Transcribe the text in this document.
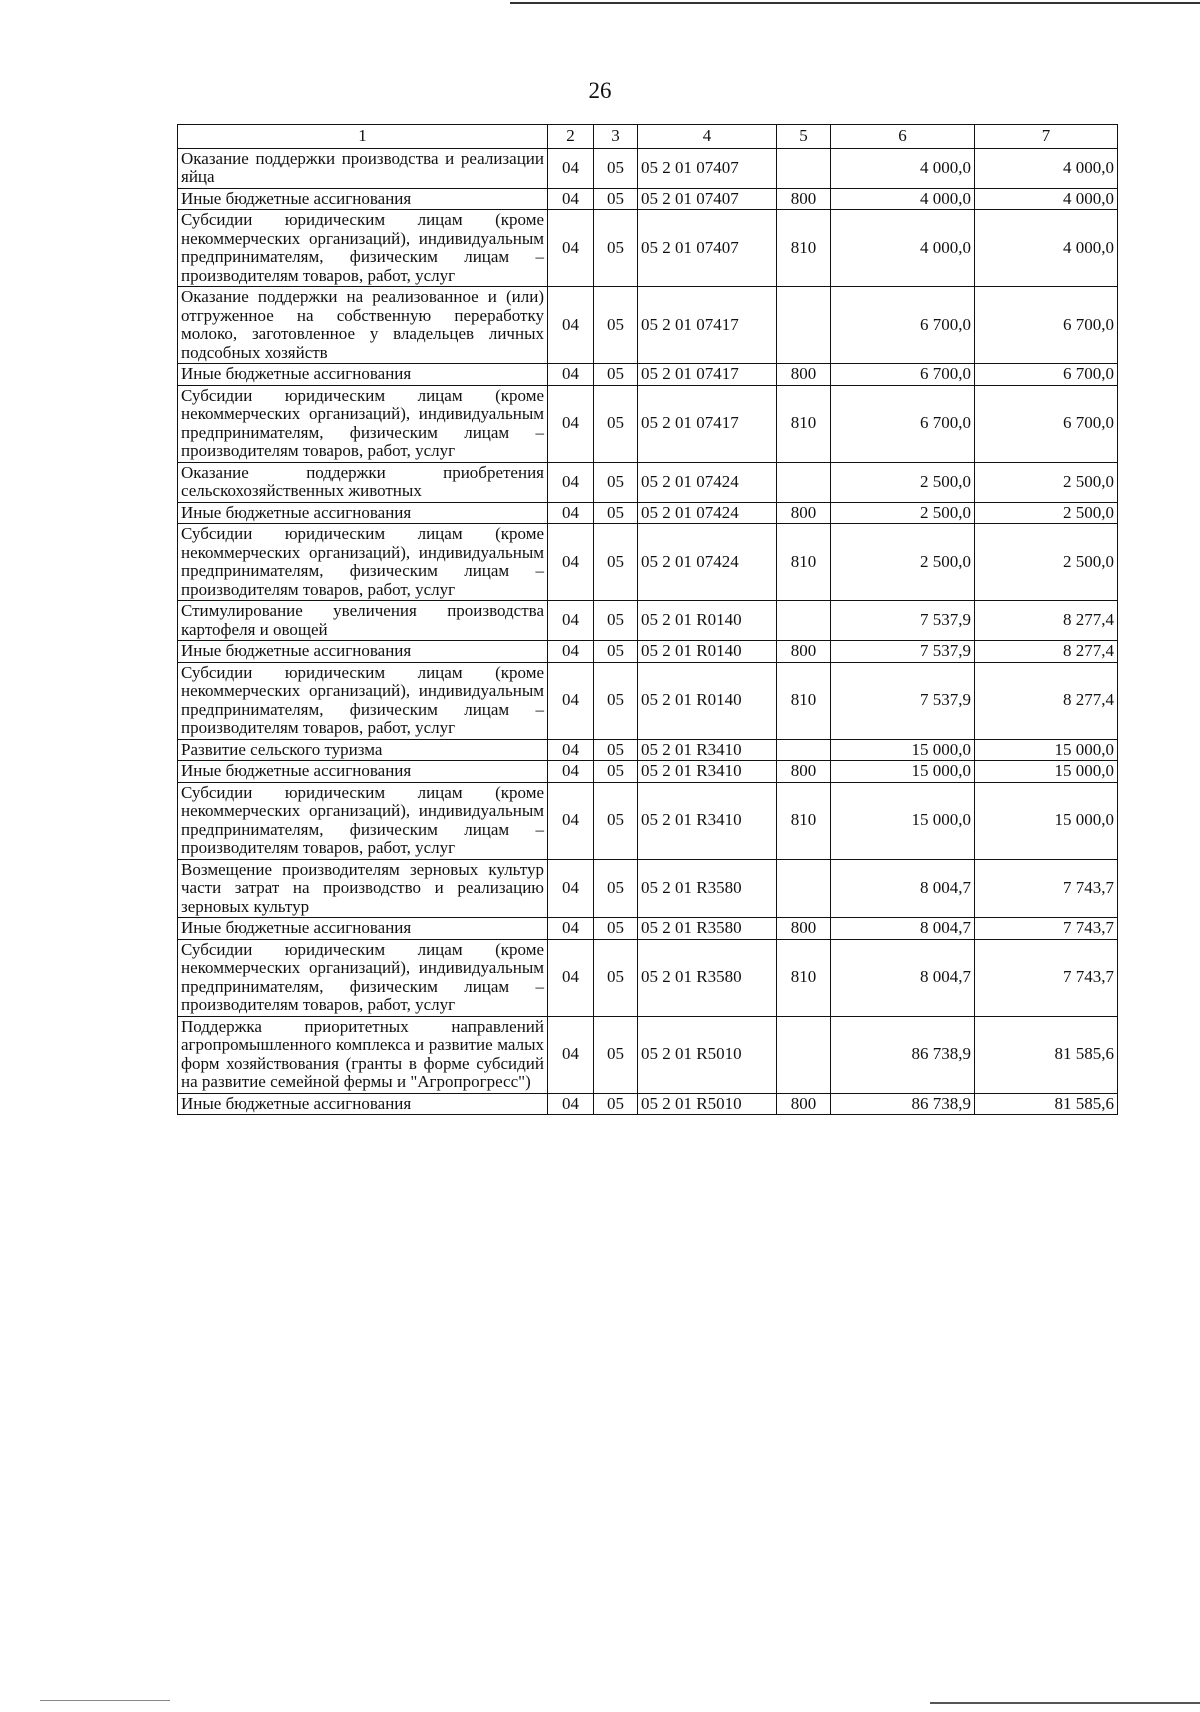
26
1	2	3	4	5	6	7
Оказание поддержки производства и реализации яйца	04	05	05 2 01 07407		4 000,0	4 000,0
Иные бюджетные ассигнования	04	05	05 2 01 07407	800	4 000,0	4 000,0
Субсидии юридическим лицам (кроме некоммерческих организаций), индивидуальным предпринимателям, физическим лицам – производителям товаров, работ, услуг	04	05	05 2 01 07407	810	4 000,0	4 000,0
Оказание поддержки на реализованное и (или) отгруженное на собственную переработку молоко, заготовленное у владельцев личных подсобных хозяйств	04	05	05 2 01 07417		6 700,0	6 700,0
Иные бюджетные ассигнования	04	05	05 2 01 07417	800	6 700,0	6 700,0
Субсидии юридическим лицам (кроме некоммерческих организаций), индивидуальным предпринимателям, физическим лицам – производителям товаров, работ, услуг	04	05	05 2 01 07417	810	6 700,0	6 700,0
Оказание поддержки приобретения сельскохозяйственных животных	04	05	05 2 01 07424		2 500,0	2 500,0
Иные бюджетные ассигнования	04	05	05 2 01 07424	800	2 500,0	2 500,0
Субсидии юридическим лицам (кроме некоммерческих организаций), индивидуальным предпринимателям, физическим лицам – производителям товаров, работ, услуг	04	05	05 2 01 07424	810	2 500,0	2 500,0
Стимулирование увеличения производства картофеля и овощей	04	05	05 2 01 R0140		7 537,9	8 277,4
Иные бюджетные ассигнования	04	05	05 2 01 R0140	800	7 537,9	8 277,4
Субсидии юридическим лицам (кроме некоммерческих организаций), индивидуальным предпринимателям, физическим лицам – производителям товаров, работ, услуг	04	05	05 2 01 R0140	810	7 537,9	8 277,4
Развитие сельского туризма	04	05	05 2 01 R3410		15 000,0	15 000,0
Иные бюджетные ассигнования	04	05	05 2 01 R3410	800	15 000,0	15 000,0
Субсидии юридическим лицам (кроме некоммерческих организаций), индивидуальным предпринимателям, физическим лицам – производителям товаров, работ, услуг	04	05	05 2 01 R3410	810	15 000,0	15 000,0
Возмещение производителям зерновых культур части затрат на производство и реализацию зерновых культур	04	05	05 2 01 R3580		8 004,7	7 743,7
Иные бюджетные ассигнования	04	05	05 2 01 R3580	800	8 004,7	7 743,7
Субсидии юридическим лицам (кроме некоммерческих организаций), индивидуальным предпринимателям, физическим лицам – производителям товаров, работ, услуг	04	05	05 2 01 R3580	810	8 004,7	7 743,7
Поддержка приоритетных направлений агропромышленного комплекса и развитие малых форм хозяйствования (гранты в форме субсидий на развитие семейной фермы и "Агропрогресс")	04	05	05 2 01 R5010		86 738,9	81 585,6
Иные бюджетные ассигнования	04	05	05 2 01 R5010	800	86 738,9	81 585,6
